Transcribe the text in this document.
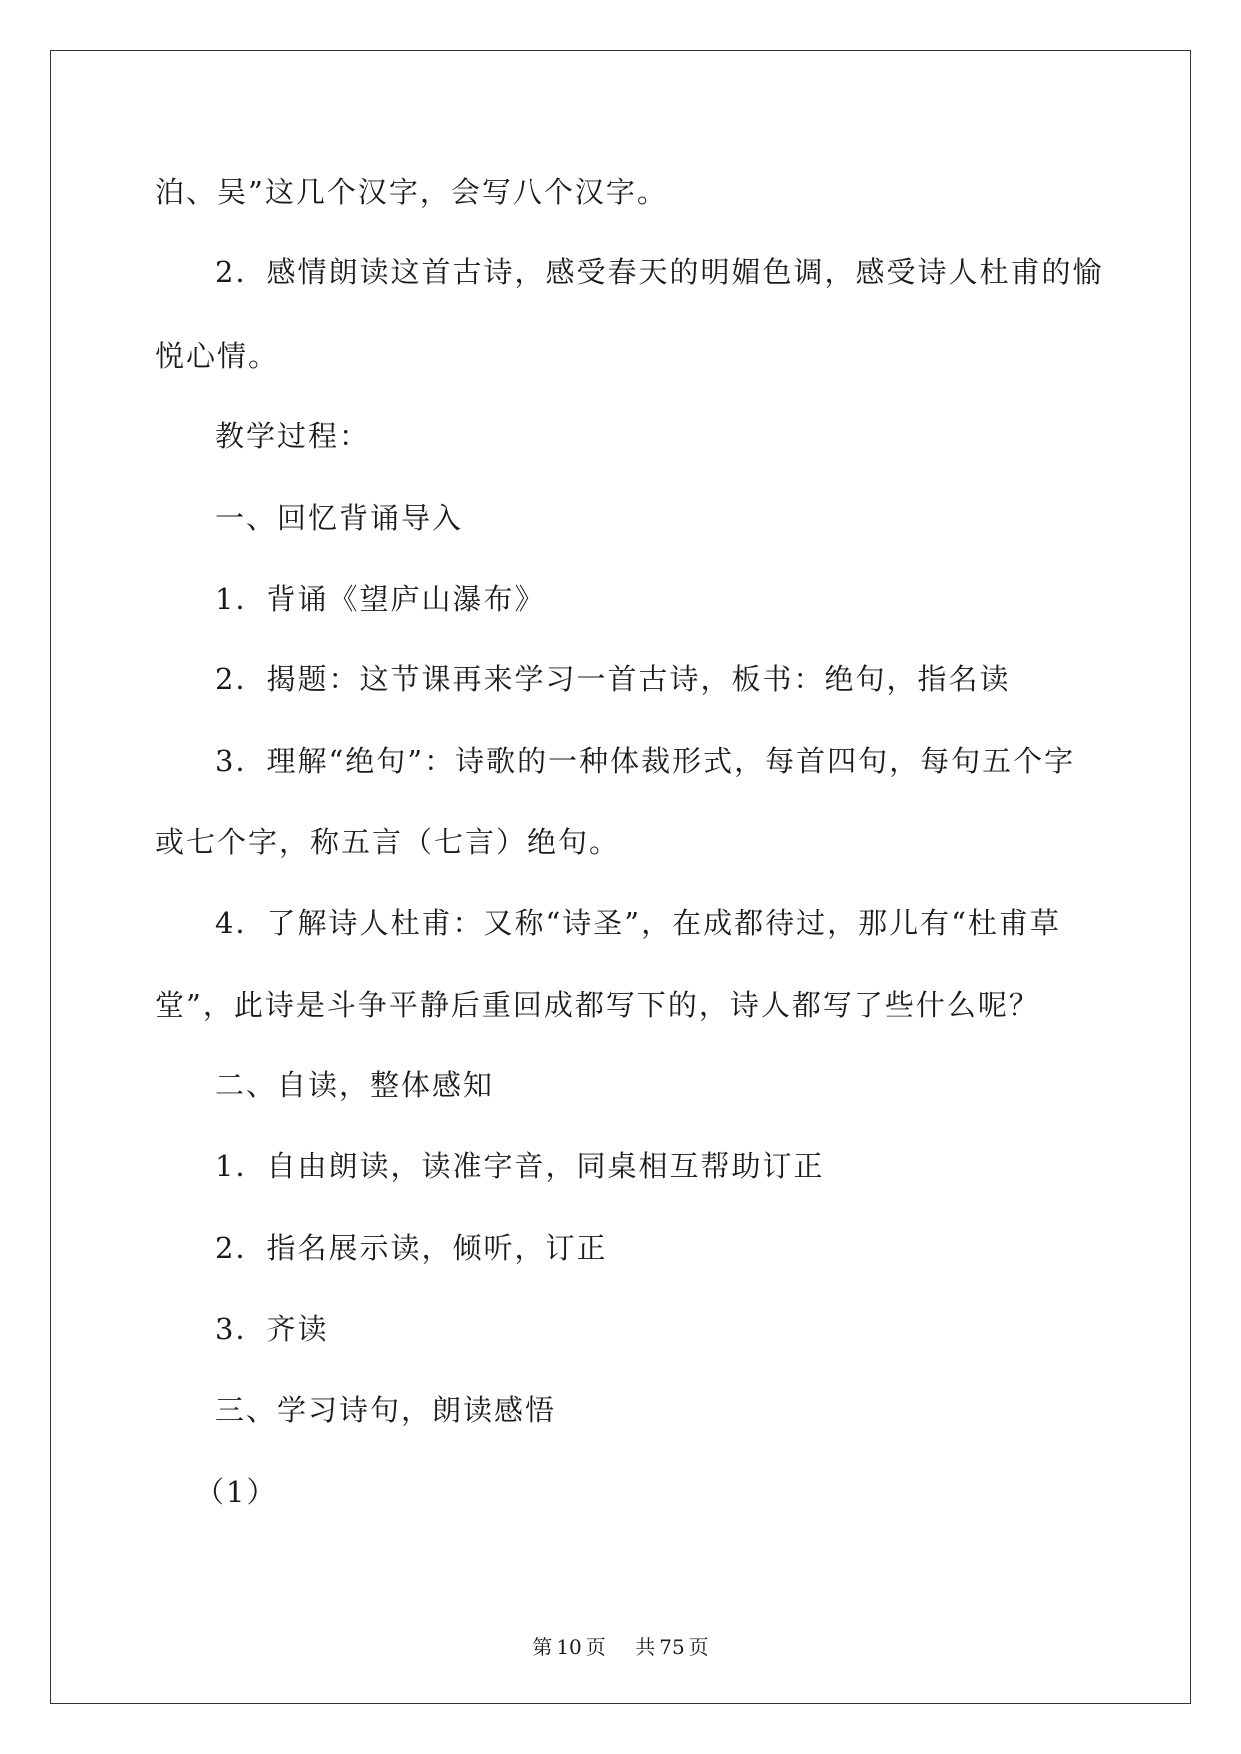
泊、吴”这几个汉字，会写八个汉字。
2．感情朗读这首古诗，感受春天的明媚色调，感受诗人杜甫的愉
悦心情。
教学过程：
一、回忆背诵导入
1．背诵《望庐山瀑布》
2．揭题：这节课再来学习一首古诗，板书：绝句，指名读
3．理解“绝句”：诗歌的一种体裁形式，每首四句，每句五个字
或七个字，称五言（七言）绝句。
4．了解诗人杜甫：又称“诗圣”，在成都待过，那儿有“杜甫草
堂”，此诗是斗争平静后重回成都写下的，诗人都写了些什么呢？
二、自读，整体感知
1．自由朗读，读准字音，同桌相互帮助订正
2．指名展示读，倾听，订正
3．齐读
三、学习诗句，朗读感悟
（1）
第 10 页 共 75 页
